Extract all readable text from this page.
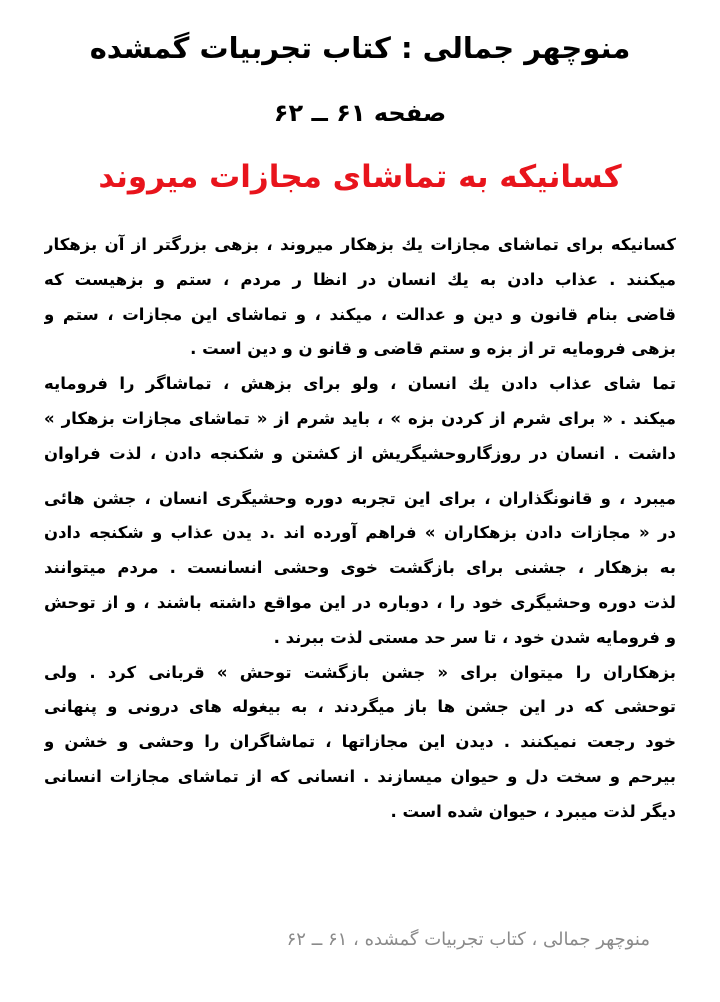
منوچهر جمالی : کتاب تجربیات گمشده
صفحه ۶۱ ــ ۶۲
کسانیکه به تماشای مجازات میروند
کسانیکه برای تماشای مجازات یك بزهکار میروند ، بزهی بزرگتر از آن بزهکار
میکنند . عذاب دادن به یك انسان در انظا ر مردم ، ستم و بزهیست که
قاضی بنام قانون و دین و عدالت ، میکند ، و تماشای این مجازات ، ستم و
بزهی فرومایه تر از بزه و ستم قاضی و قانو ن و دین است .
تما شای عذاب دادن یك انسان ، ولو برای بزهش ، تماشاگر را فرومایه
میکند . « برای شرم از کردن بزه » ، باید شرم از « تماشای مجازات بزهکار »
داشت . انسان در روزگاروحشیگریش از کشتن و شکنجه دادن ، لذت فراوان
میبرد ، و قانونگذاران ، برای این تجربه دوره وحشیگری انسان ، جشن هائی
در « مجازات دادن بزهکاران » فراهم آورده اند .د یدن عذاب و شکنجه دادن
به بزهکار ، جشنی برای بازگشت خوی وحشی انسانست . مردم میتوانند
لذت دوره وحشیگری خود را ، دوباره در این مواقع داشته باشند ، و از توحش
و فرومایه شدن خود ، تا سر حد مستی لذت ببرند .
بزهکاران را میتوان برای « جشن بازگشت توحش » قربانی کرد . ولی
توحشی که در این جشن ها باز میگردند ، به بیغوله های درونی و پنهانی
خود رجعت نمیکنند . دیدن این مجازاتها ، تماشاگران را وحشی و خشن و
بیرحم و سخت دل و حیوان میسازند . انسانی که از تماشای مجازات انسانی
دیگر لذت میبرد ، حیوان شده است .
منوچهر جمالی ، کتاب تجربیات گمشده ، ۶۱ ــ ۶۲
